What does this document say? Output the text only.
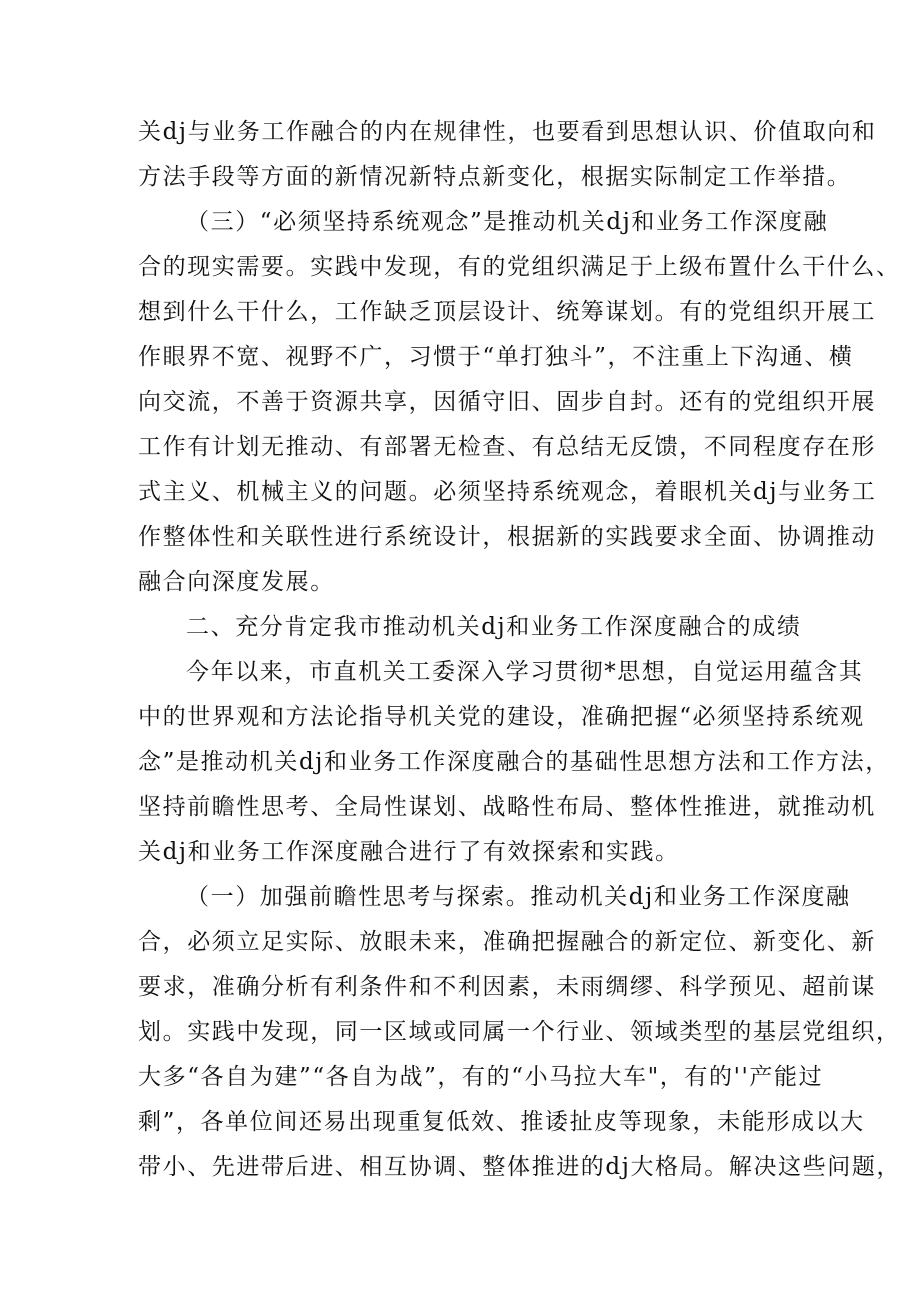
关dj与业务工作融合的内在规律性，也要看到思想认识、价值取向和
方法手段等方面的新情况新特点新变化，根据实际制定工作举措。
（三）“必须坚持系统观念”是推动机关dj和业务工作深度融
合的现实需要。实践中发现，有的党组织满足于上级布置什么干什么、
想到什么干什么，工作缺乏顶层设计、统筹谋划。有的党组织开展工
作眼界不宽、视野不广，习惯于“单打独斗”，不注重上下沟通、横
向交流，不善于资源共享，因循守旧、固步自封。还有的党组织开展
工作有计划无推动、有部署无检查、有总结无反馈，不同程度存在形
式主义、机械主义的问题。必须坚持系统观念，着眼机关dj与业务工
作整体性和关联性进行系统设计，根据新的实践要求全面、协调推动
融合向深度发展。
二、充分肯定我市推动机关dj和业务工作深度融合的成绩
今年以来，市直机关工委深入学习贯彻*思想，自觉运用蕴含其
中的世界观和方法论指导机关党的建设，准确把握“必须坚持系统观
念”是推动机关dj和业务工作深度融合的基础性思想方法和工作方法，
坚持前瞻性思考、全局性谋划、战略性布局、整体性推进，就推动机
关dj和业务工作深度融合进行了有效探索和实践。
（一）加强前瞻性思考与探索。推动机关dj和业务工作深度融
合，必须立足实际、放眼未来，准确把握融合的新定位、新变化、新
要求，准确分析有利条件和不利因素，未雨绸缪、科学预见、超前谋
划。实践中发现，同一区域或同属一个行业、领域类型的基层党组织，
大多“各自为建”“各自为战”，有的“小马拉大车"，有的''产能过
剩”，各单位间还易出现重复低效、推诿扯皮等现象，未能形成以大
带小、先进带后进、相互协调、整体推进的dj大格局。解决这些问题，
